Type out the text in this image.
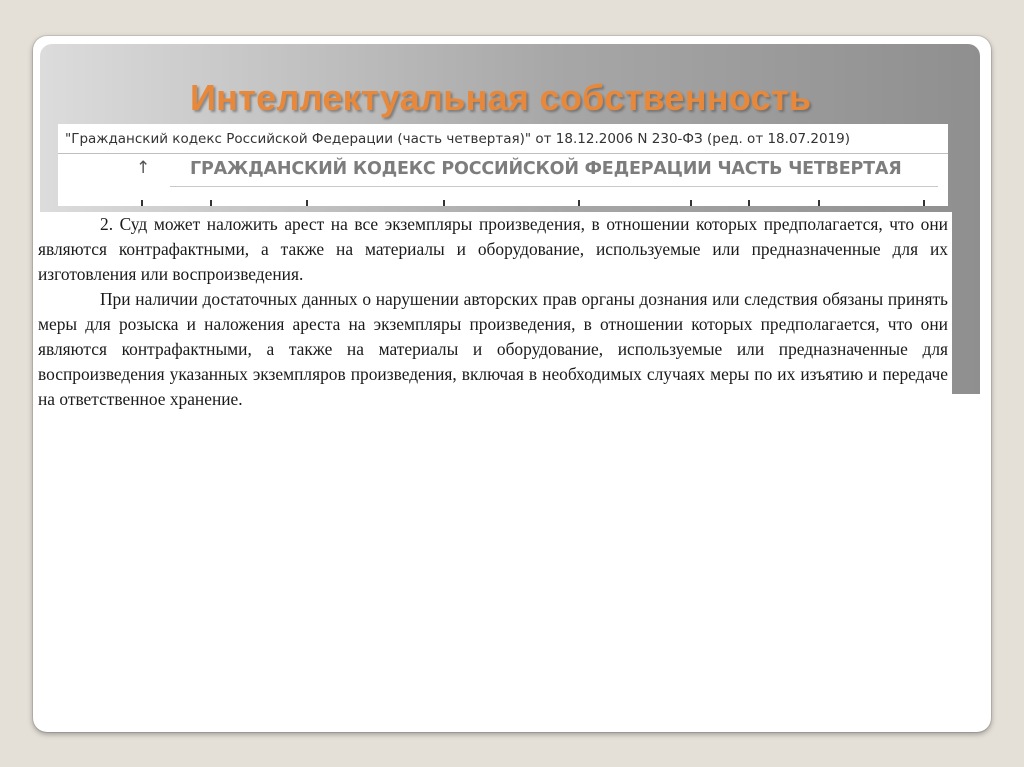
Интеллектуальная собственность
"Гражданский кодекс Российской Федерации (часть четвертая)" от 18.12.2006 N 230-ФЗ (ред. от 18.07.2019)
↑ ГРАЖДАНСКИЙ КОДЕКС РОССИЙСКОЙ ФЕДЕРАЦИИ ЧАСТЬ ЧЕТВЕРТАЯ

2. Суд может наложить арест на все экземпляры произведения, в отношении которых предполагается, что они являются контрафактными, а также на материалы и оборудование, используемые или предназначенные для их изготовления или воспроизведения.

При наличии достаточных данных о нарушении авторских прав органы дознания или следствия обязаны принять меры для розыска и наложения ареста на экземпляры произведения, в отношении которых предполагается, что они являются контрафактными, а также на материалы и оборудование, используемые или предназначенные для воспроизведения указанных экземпляров произведения, включая в необходимых случаях меры по их изъятию и передаче на ответственное хранение.
